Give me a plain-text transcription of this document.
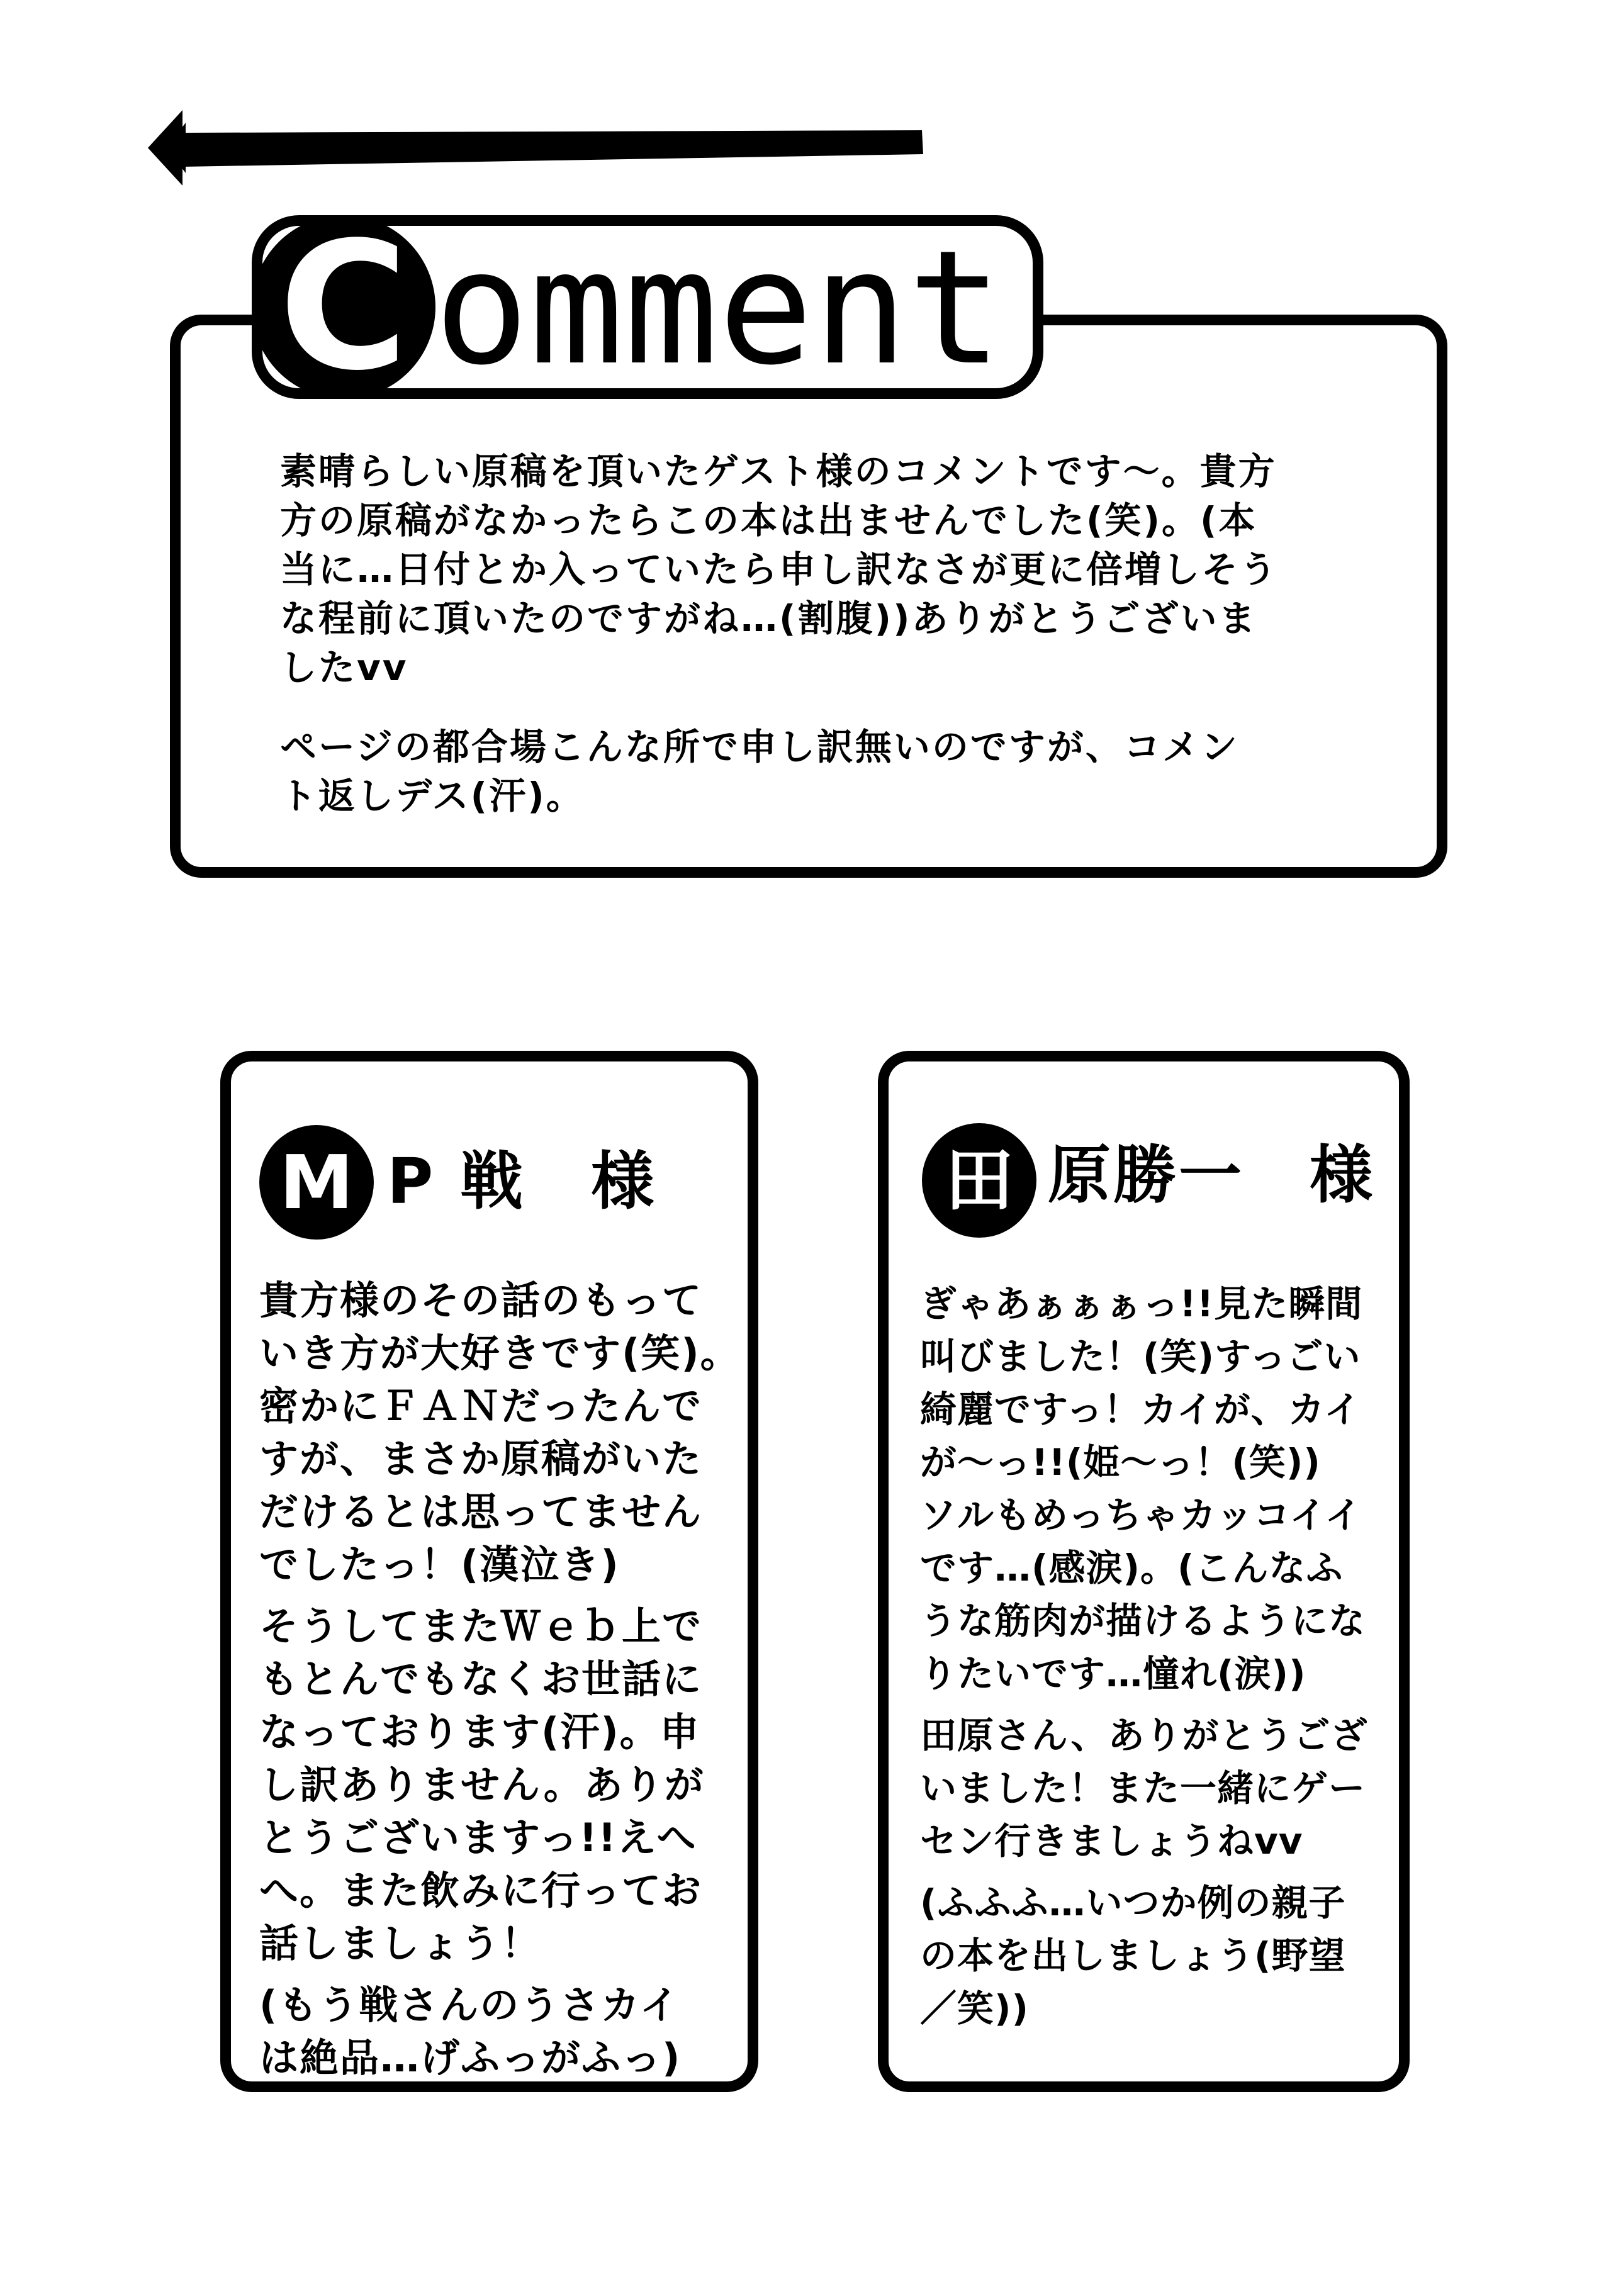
C omment

素晴らしい原稿を頂いたゲスト様のコメントです〜。貴方
方の原稿がなかったらこの本は出ませんでした(笑)。(本
当に…日付とか入っていたら申し訳なさが更に倍増しそう
な程前に頂いたのですがね…(割腹))ありがとうございま
したvv

ページの都合場こんな所で申し訳無いのですが、コメン
ト返しデス(汗)。

M P 戦　様

貴方様のその話のもって
いき方が大好きです(笑)。
密かにＦＡＮだったんで
すが、まさか原稿がいた
だけるとは思ってません
でしたっ！(漢泣き)

そうしてまたＷｅｂ上で
もとんでもなくお世話に
なっております(汗)。申
し訳ありません。ありが
とうございますっ!!えへ
へ。また飲みに行ってお
話しましょう！

(もう戦さんのうさカイ
は絶品…げふっがふっ)

田 原勝一　様

ぎゃあぁぁぁっ!!見た瞬間
叫びました！(笑)すっごい
綺麗ですっ！カイが、カイ
が〜っ!!(姫〜っ！(笑))
ソルもめっちゃカッコイイ
です…(感涙)。(こんなふ
うな筋肉が描けるようにな
りたいです…憧れ(涙))

田原さん、ありがとうござ
いました！また一緒にゲー
セン行きましょうねvv

(ふふふ…いつか例の親子
の本を出しましょう(野望
／笑))
